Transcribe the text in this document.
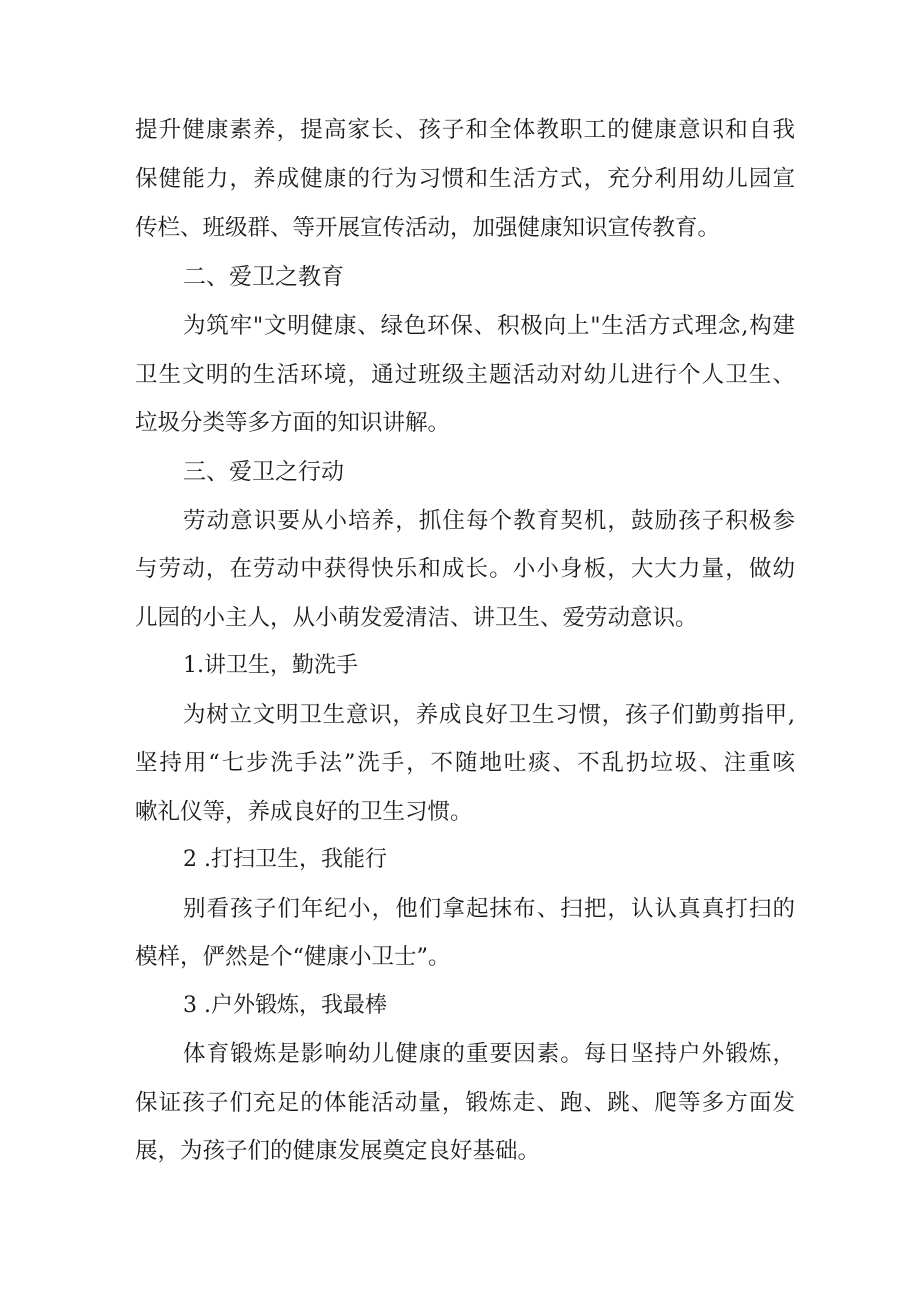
提升健康素养，提高家长、孩子和全体教职工的健康意识和自我
保健能力，养成健康的行为习惯和生活方式，充分利用幼儿园宣
传栏、班级群、等开展宣传活动，加强健康知识宣传教育。
二、爱卫之教育
为筑牢"文明健康、绿色环保、积极向上"生活方式理念,构建
卫生文明的生活环境，通过班级主题活动对幼儿进行个人卫生、
垃圾分类等多方面的知识讲解。
三、爱卫之行动
劳动意识要从小培养，抓住每个教育契机，鼓励孩子积极参
与劳动，在劳动中获得快乐和成长。小小身板，大大力量，做幼
儿园的小主人，从小萌发爱清洁、讲卫生、爱劳动意识。
1.讲卫生，勤洗手
为树立文明卫生意识，养成良好卫生习惯，孩子们勤剪指甲,
坚持用“七步洗手法”洗手，不随地吐痰、不乱扔垃圾、注重咳
嗽礼仪等，养成良好的卫生习惯。
2 .打扫卫生，我能行
别看孩子们年纪小，他们拿起抹布、扫把，认认真真打扫的
模样，俨然是个“健康小卫士”。
3 .户外锻炼，我最棒
体育锻炼是影响幼儿健康的重要因素。每日坚持户外锻炼，
保证孩子们充足的体能活动量，锻炼走、跑、跳、爬等多方面发
展，为孩子们的健康发展奠定良好基础。
